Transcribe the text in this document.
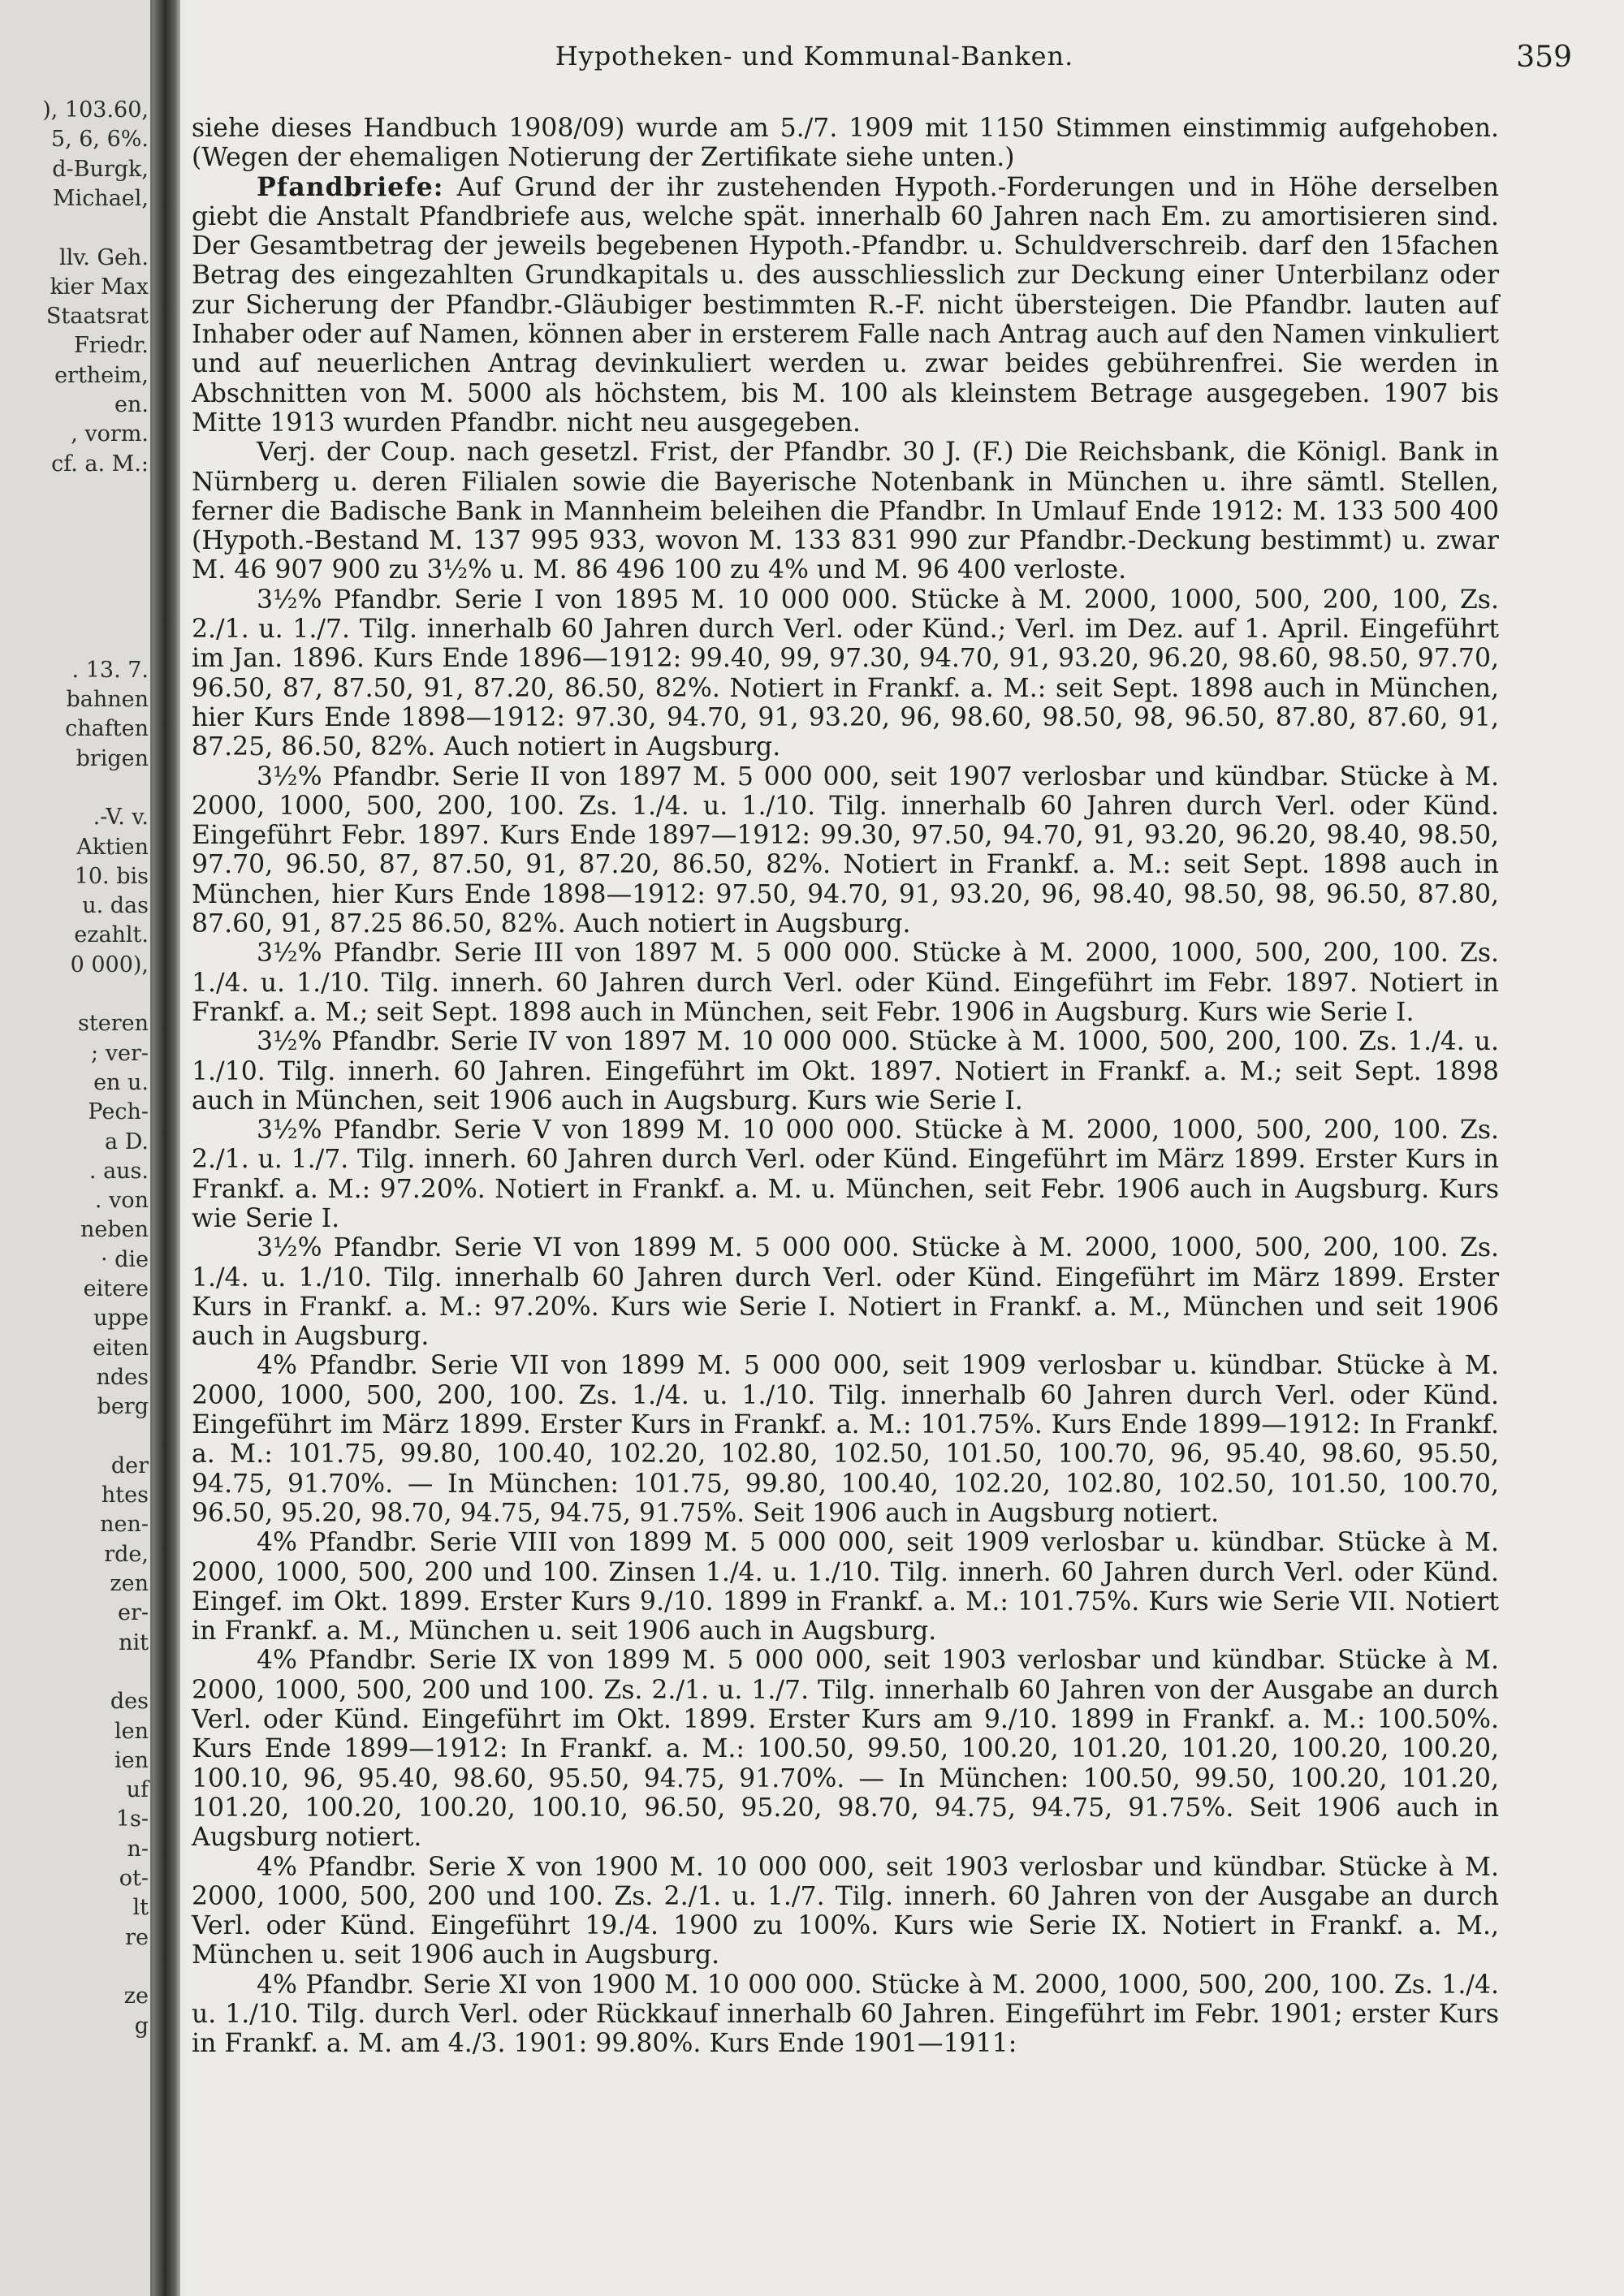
), 103.60,
5, 6, 6%.
d-Burgk,
Michael,
llv. Geh.
kier Max
Staatsrat
Friedr.
ertheim,
en.
, vorm.
cf. a. M.:
. 13. 7.
bahnen
chaften
brigen
.-V. v.
Aktien
10. bis
u. das
ezahlt.
0 000),
steren
; ver-
en u.
Pech-
a D.
. aus.
. von
neben
· die
eitere
uppe
eiten
ndes
berg
der
htes
nen-
rde,
zen
er-
nit
des
len
ien
uf
1s-
n-
ot-
lt
re
ze
g
Hypotheken- und Kommunal-Banken.	359

siehe dieses Handbuch 1908/09) wurde am 5./7. 1909 mit 1150 Stimmen einstimmig aufgehoben. (Wegen der ehemaligen Notierung der Zertifikate siehe unten.)

Pfandbriefe: Auf Grund der ihr zustehenden Hypoth.-Forderungen und in Höhe derselben giebt die Anstalt Pfandbriefe aus, welche spät. innerhalb 60 Jahren nach Em. zu amortisieren sind. Der Gesamtbetrag der jeweils begebenen Hypoth.-Pfandbr. u. Schuldverschreib. darf den 15fachen Betrag des eingezahlten Grundkapitals u. des ausschliesslich zur Deckung einer Unterbilanz oder zur Sicherung der Pfandbr.-Gläubiger bestimmten R.-F. nicht übersteigen. Die Pfandbr. lauten auf Inhaber oder auf Namen, können aber in ersterem Falle nach Antrag auch auf den Namen vinkuliert und auf neuerlichen Antrag devinkuliert werden u. zwar beides gebührenfrei. Sie werden in Abschnitten von M. 5000 als höchstem, bis M. 100 als kleinstem Betrage ausgegeben. 1907 bis Mitte 1913 wurden Pfandbr. nicht neu ausgegeben.

Verj. der Coup. nach gesetzl. Frist, der Pfandbr. 30 J. (F.) Die Reichsbank, die Königl. Bank in Nürnberg u. deren Filialen sowie die Bayerische Notenbank in München u. ihre sämtl. Stellen, ferner die Badische Bank in Mannheim beleihen die Pfandbr. In Umlauf Ende 1912: M. 133 500 400 (Hypoth.-Bestand M. 137 995 933, wovon M. 133 831 990 zur Pfandbr.-Deckung bestimmt) u. zwar M. 46 907 900 zu 3½% u. M. 86 496 100 zu 4% und M. 96 400 verloste.

3½% Pfandbr. Serie I von 1895 M. 10 000 000. Stücke à M. 2000, 1000, 500, 200, 100, Zs. 2./1. u. 1./7. Tilg. innerhalb 60 Jahren durch Verl. oder Künd.; Verl. im Dez. auf 1. April. Eingeführt im Jan. 1896. Kurs Ende 1896—1912: 99.40, 99, 97.30, 94.70, 91, 93.20, 96.20, 98.60, 98.50, 97.70, 96.50, 87, 87.50, 91, 87.20, 86.50, 82%. Notiert in Frankf. a. M.: seit Sept. 1898 auch in München, hier Kurs Ende 1898—1912: 97.30, 94.70, 91, 93.20, 96, 98.60, 98.50, 98, 96.50, 87.80, 87.60, 91, 87.25, 86.50, 82%. Auch notiert in Augsburg.

3½% Pfandbr. Serie II von 1897 M. 5 000 000, seit 1907 verlosbar und kündbar. Stücke à M. 2000, 1000, 500, 200, 100. Zs. 1./4. u. 1./10. Tilg. innerhalb 60 Jahren durch Verl. oder Künd. Eingeführt Febr. 1897. Kurs Ende 1897—1912: 99.30, 97.50, 94.70, 91, 93.20, 96.20, 98.40, 98.50, 97.70, 96.50, 87, 87.50, 91, 87.20, 86.50, 82%. Notiert in Frankf. a. M.: seit Sept. 1898 auch in München, hier Kurs Ende 1898—1912: 97.50, 94.70, 91, 93.20, 96, 98.40, 98.50, 98, 96.50, 87.80, 87.60, 91, 87.25 86.50, 82%. Auch notiert in Augsburg.

3½% Pfandbr. Serie III von 1897 M. 5 000 000. Stücke à M. 2000, 1000, 500, 200, 100. Zs. 1./4. u. 1./10. Tilg. innerh. 60 Jahren durch Verl. oder Künd. Eingeführt im Febr. 1897. Notiert in Frankf. a. M.; seit Sept. 1898 auch in München, seit Febr. 1906 in Augsburg. Kurs wie Serie I.

3½% Pfandbr. Serie IV von 1897 M. 10 000 000. Stücke à M. 1000, 500, 200, 100. Zs. 1./4. u. 1./10. Tilg. innerh. 60 Jahren. Eingeführt im Okt. 1897. Notiert in Frankf. a. M.; seit Sept. 1898 auch in München, seit 1906 auch in Augsburg. Kurs wie Serie I.

3½% Pfandbr. Serie V von 1899 M. 10 000 000. Stücke à M. 2000, 1000, 500, 200, 100. Zs. 2./1. u. 1./7. Tilg. innerh. 60 Jahren durch Verl. oder Künd. Eingeführt im März 1899. Erster Kurs in Frankf. a. M.: 97.20%. Notiert in Frankf. a. M. u. München, seit Febr. 1906 auch in Augsburg. Kurs wie Serie I.

3½% Pfandbr. Serie VI von 1899 M. 5 000 000. Stücke à M. 2000, 1000, 500, 200, 100. Zs. 1./4. u. 1./10. Tilg. innerhalb 60 Jahren durch Verl. oder Künd. Eingeführt im März 1899. Erster Kurs in Frankf. a. M.: 97.20%. Kurs wie Serie I. Notiert in Frankf. a. M., München und seit 1906 auch in Augsburg.

4% Pfandbr. Serie VII von 1899 M. 5 000 000, seit 1909 verlosbar u. kündbar. Stücke à M. 2000, 1000, 500, 200, 100. Zs. 1./4. u. 1./10. Tilg. innerhalb 60 Jahren durch Verl. oder Künd. Eingeführt im März 1899. Erster Kurs in Frankf. a. M.: 101.75%. Kurs Ende 1899—1912: In Frankf. a. M.: 101.75, 99.80, 100.40, 102.20, 102.80, 102.50, 101.50, 100.70, 96, 95.40, 98.60, 95.50, 94.75, 91.70%. — In München: 101.75, 99.80, 100.40, 102.20, 102.80, 102.50, 101.50, 100.70, 96.50, 95.20, 98.70, 94.75, 94.75, 91.75%. Seit 1906 auch in Augsburg notiert.

4% Pfandbr. Serie VIII von 1899 M. 5 000 000, seit 1909 verlosbar u. kündbar. Stücke à M. 2000, 1000, 500, 200 und 100. Zinsen 1./4. u. 1./10. Tilg. innerh. 60 Jahren durch Verl. oder Künd. Eingef. im Okt. 1899. Erster Kurs 9./10. 1899 in Frankf. a. M.: 101.75%. Kurs wie Serie VII. Notiert in Frankf. a. M., München u. seit 1906 auch in Augsburg.

4% Pfandbr. Serie IX von 1899 M. 5 000 000, seit 1903 verlosbar und kündbar. Stücke à M. 2000, 1000, 500, 200 und 100. Zs. 2./1. u. 1./7. Tilg. innerhalb 60 Jahren von der Ausgabe an durch Verl. oder Künd. Eingeführt im Okt. 1899. Erster Kurs am 9./10. 1899 in Frankf. a. M.: 100.50%. Kurs Ende 1899—1912: In Frankf. a. M.: 100.50, 99.50, 100.20, 101.20, 101.20, 100.20, 100.20, 100.10, 96, 95.40, 98.60, 95.50, 94.75, 91.70%. — In München: 100.50, 99.50, 100.20, 101.20, 101.20, 100.20, 100.20, 100.10, 96.50, 95.20, 98.70, 94.75, 94.75, 91.75%. Seit 1906 auch in Augsburg notiert.

4% Pfandbr. Serie X von 1900 M. 10 000 000, seit 1903 verlosbar und kündbar. Stücke à M. 2000, 1000, 500, 200 und 100. Zs. 2./1. u. 1./7. Tilg. innerh. 60 Jahren von der Ausgabe an durch Verl. oder Künd. Eingeführt 19./4. 1900 zu 100%. Kurs wie Serie IX. Notiert in Frankf. a. M., München u. seit 1906 auch in Augsburg.

4% Pfandbr. Serie XI von 1900 M. 10 000 000. Stücke à M. 2000, 1000, 500, 200, 100. Zs. 1./4. u. 1./10. Tilg. durch Verl. oder Rückkauf innerhalb 60 Jahren. Eingeführt im Febr. 1901; erster Kurs in Frankf. a. M. am 4./3. 1901: 99.80%. Kurs Ende 1901—1911:
